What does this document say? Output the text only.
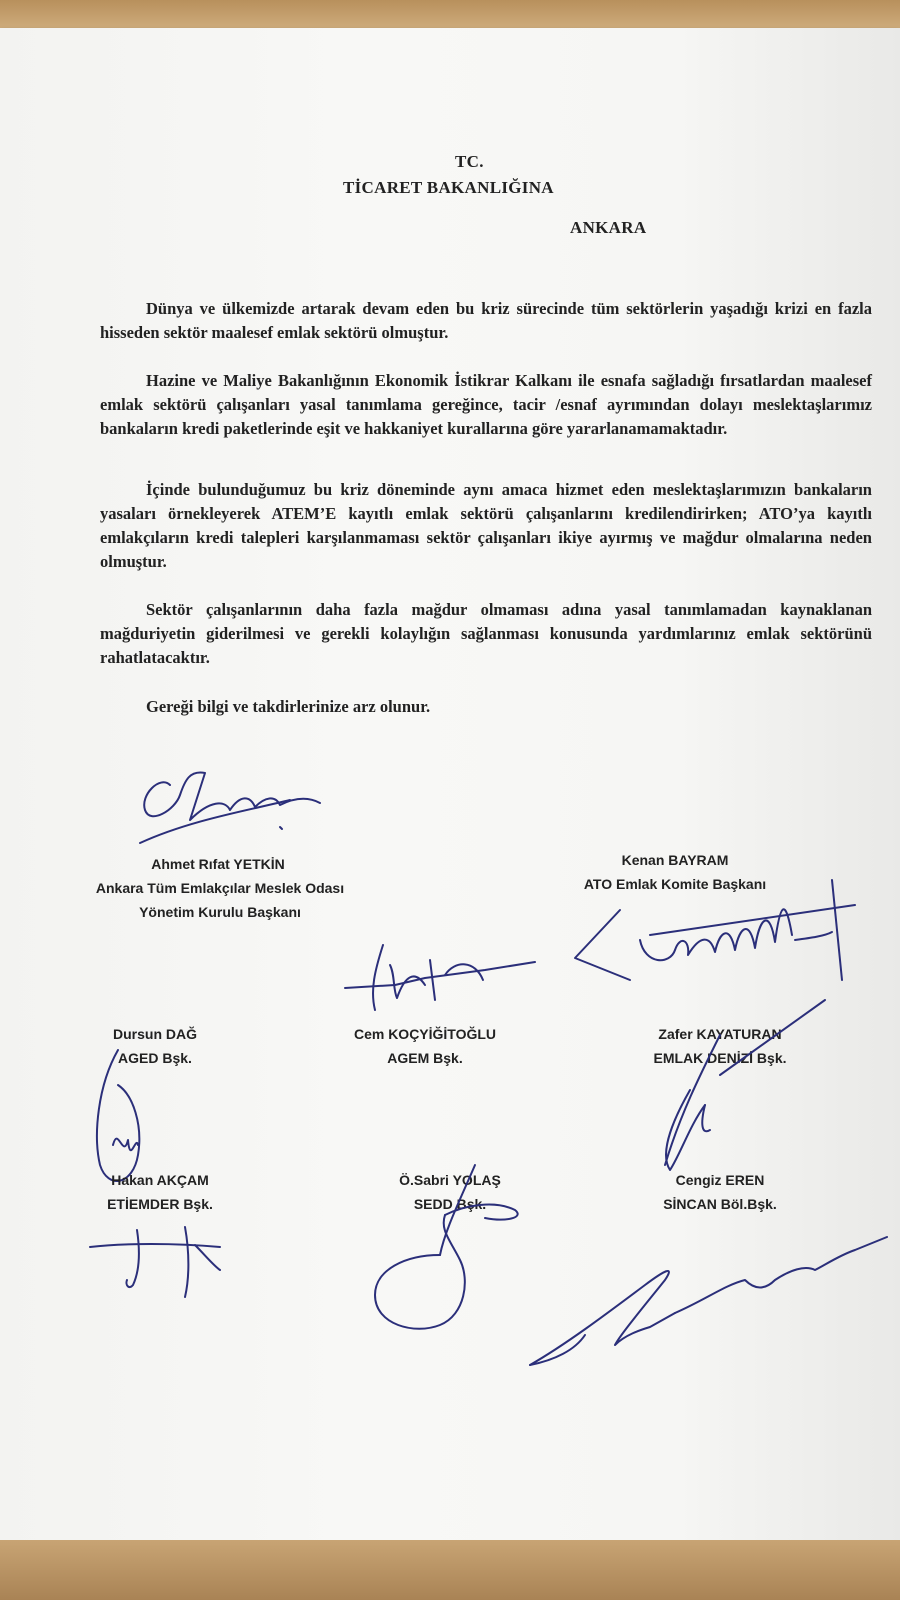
TC.
TİCARET BAKANLIĞINA
ANKARA

Dünya ve ülkemizde artarak devam eden bu kriz sürecinde tüm sektörlerin yaşadığı krizi en fazla hisseden sektör maalesef emlak sektörü olmuştur.

Hazine ve Maliye Bakanlığının Ekonomik İstikrar Kalkanı ile esnafa sağladığı fırsatlardan maalesef emlak sektörü çalışanları yasal tanımlama gereğince, tacir /esnaf ayrımından dolayı meslektaşlarımız bankaların kredi paketlerinde eşit ve hakkaniyet kurallarına göre yararlanamamaktadır.

İçinde bulunduğumuz bu kriz döneminde aynı amaca hizmet eden meslektaşlarımızın bankaların yasaları örnekleyerek ATEM’E kayıtlı emlak sektörü çalışanlarını kredilendirirken; ATO’ya kayıtlı emlakçıların kredi talepleri karşılanmaması sektör çalışanları ikiye ayırmış ve mağdur olmalarına neden olmuştur.

Sektör çalışanlarının daha fazla mağdur olmaması adına yasal tanımlamadan kaynaklanan mağduriyetin giderilmesi ve gerekli kolaylığın sağlanması konusunda yardımlarınız emlak sektörünü rahatlatacaktır.

Gereği bilgi ve takdirlerinize arz olunur.
Ahmet Rıfat YETKİN
Ankara Tüm Emlakçılar Meslek Odası
Yönetim Kurulu Başkanı
Kenan BAYRAM
ATO Emlak Komite Başkanı
Dursun DAĞ
AGED Bşk.
Cem KOÇYİĞİTOĞLU
AGEM Bşk.
Zafer KAYATURAN
EMLAK DENİZİ Bşk.
Hakan AKÇAM
ETİEMDER Bşk.
Ö.Sabri YOLAŞ
SEDD Bşk.
Cengiz EREN
SİNCAN Böl.Bşk.
